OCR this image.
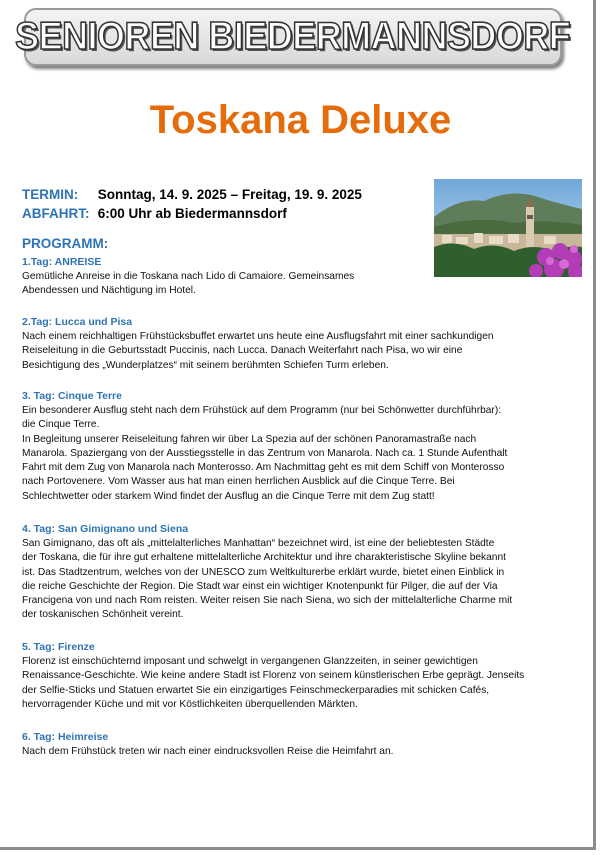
SENIOREN BIEDERMANNSDORF
Toskana Deluxe
TERMIN: Sonntag, 14. 9. 2025 – Freitag, 19. 9. 2025
ABFAHRT: 6:00 Uhr ab Biedermannsdorf
PROGRAMM:
1.Tag: ANREISE
Gemütliche Anreise in die Toskana nach Lido di Camaiore. Gemeinsames
Abendessen und Nächtigung im Hotel.
2.Tag: Lucca und Pisa
Nach einem reichhaltigen Frühstücksbuffet erwartet uns heute eine Ausflugsfahrt mit einer sachkundigen
Reiseleitung in die Geburtsstadt Puccinis, nach Lucca. Danach Weiterfahrt nach Pisa, wo wir eine
Besichtigung des „Wunderplatzes“ mit seinem berühmten Schiefen Turm erleben.
3. Tag: Cinque Terre
Ein besonderer Ausflug steht nach dem Frühstück auf dem Programm (nur bei Schönwetter durchführbar):
die Cinque Terre.
In Begleitung unserer Reiseleitung fahren wir über La Spezia auf der schönen Panoramastraße nach
Manarola. Spaziergang von der Ausstiegsstelle in das Zentrum von Manarola. Nach ca. 1 Stunde Aufenthalt
Fahrt mit dem Zug von Manarola nach Monterosso. Am Nachmittag geht es mit dem Schiff von Monterosso
nach Portovenere. Vom Wasser aus hat man einen herrlichen Ausblick auf die Cinque Terre. Bei
Schlechtwetter oder starkem Wind findet der Ausflug an die Cinque Terre mit dem Zug statt!
4. Tag: San Gimignano und Siena
San Gimignano, das oft als „mittelalterliches Manhattan“ bezeichnet wird, ist eine der beliebtesten Städte
der Toskana, die für ihre gut erhaltene mittelalterliche Architektur und ihre charakteristische Skyline bekannt
ist. Das Stadtzentrum, welches von der UNESCO zum Weltkulturerbe erklärt wurde, bietet einen Einblick in
die reiche Geschichte der Region. Die Stadt war einst ein wichtiger Knotenpunkt für Pilger, die auf der Via
Francigena von und nach Rom reisten. Weiter reisen Sie nach Siena, wo sich der mittelalterliche Charme mit
der toskanischen Schönheit vereint.
5. Tag: Firenze
Florenz ist einschüchternd imposant und schwelgt in vergangenen Glanzzeiten, in seiner gewichtigen
Renaissance-Geschichte. Wie keine andere Stadt ist Florenz von seinem künstlerischen Erbe geprägt. Jenseits
der Selfie-Sticks und Statuen erwartet Sie ein einzigartiges Feinschmeckerparadies mit schicken Cafés,
hervorragender Küche und mit vor Köstlichkeiten überquellenden Märkten.
6. Tag: Heimreise
Nach dem Frühstück treten wir nach einer eindrucksvollen Reise die Heimfahrt an.
